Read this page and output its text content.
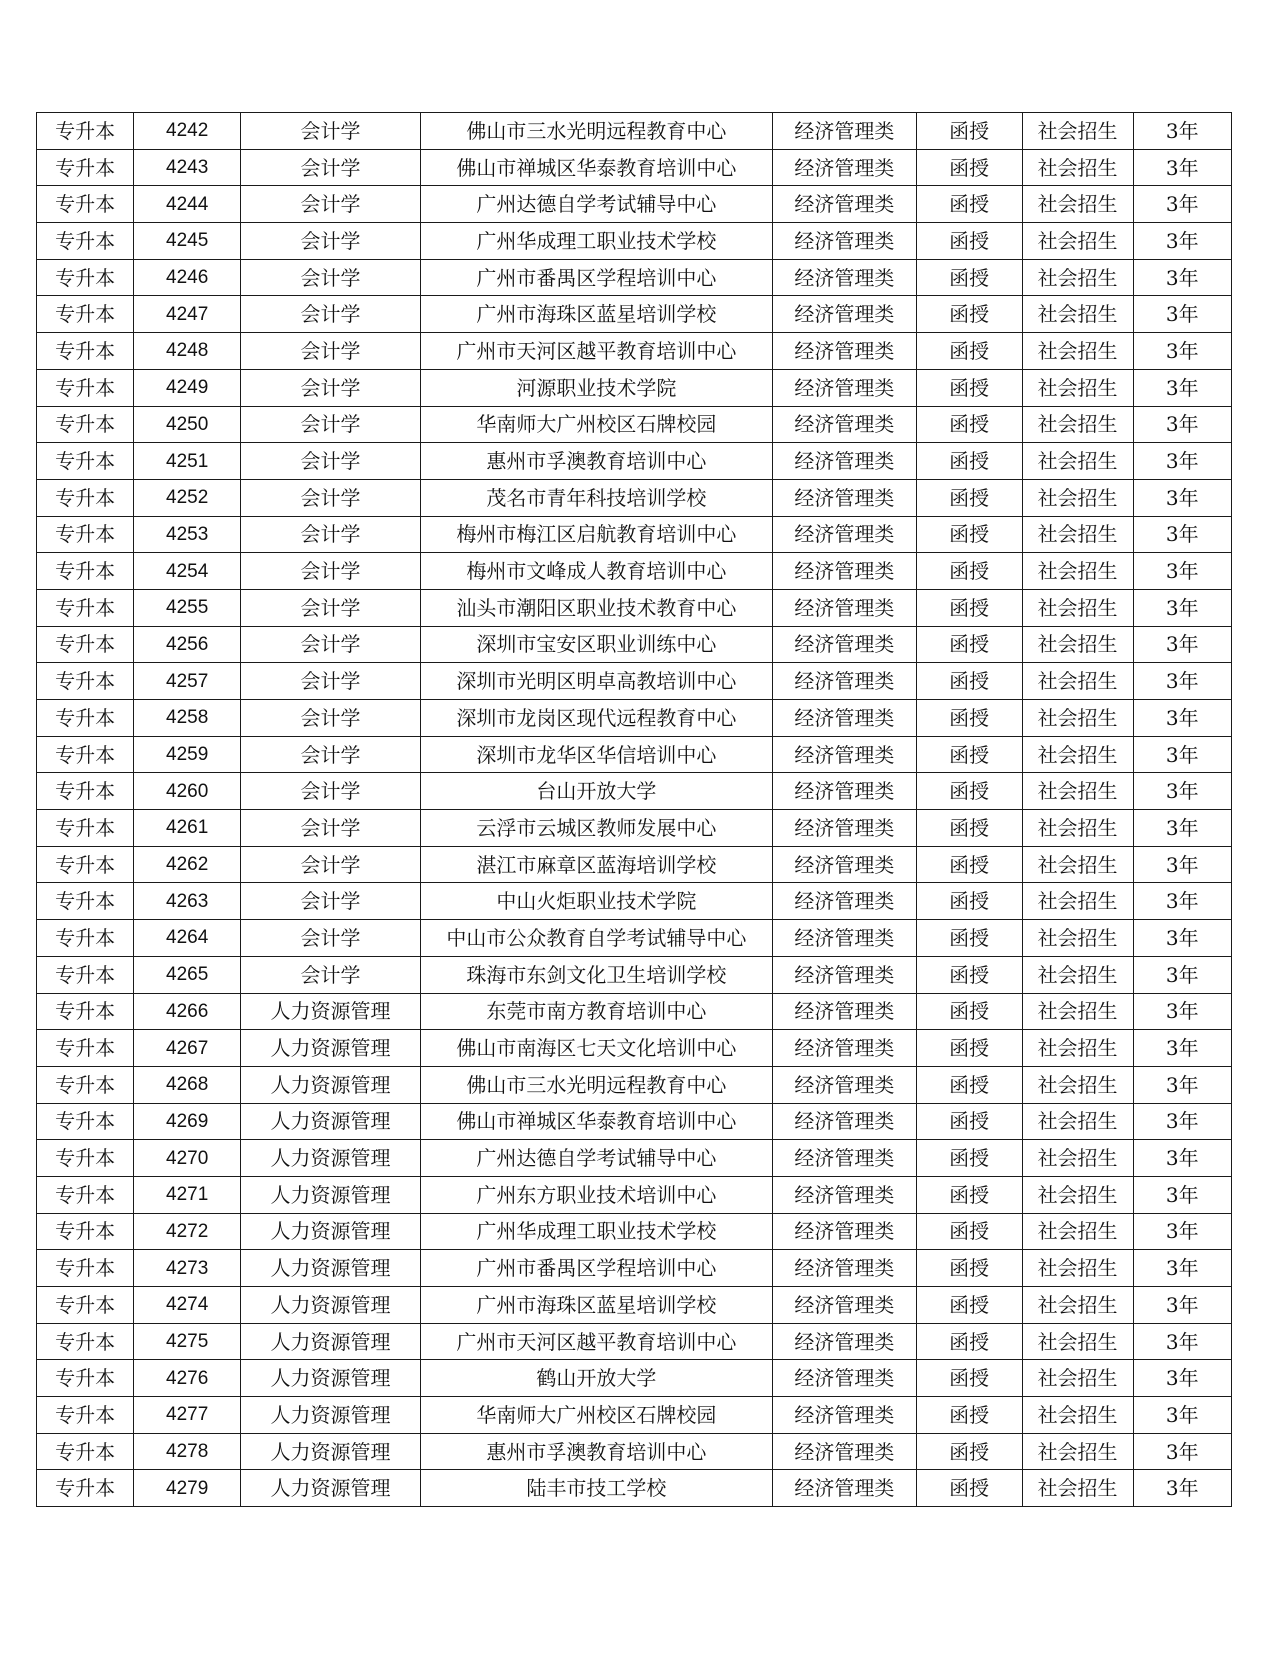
专升本	4242	会计学	佛山市三水光明远程教育中心	经济管理类	函授	社会招生	3年
专升本	4243	会计学	佛山市禅城区华泰教育培训中心	经济管理类	函授	社会招生	3年
专升本	4244	会计学	广州达德自学考试辅导中心	经济管理类	函授	社会招生	3年
专升本	4245	会计学	广州华成理工职业技术学校	经济管理类	函授	社会招生	3年
专升本	4246	会计学	广州市番禺区学程培训中心	经济管理类	函授	社会招生	3年
专升本	4247	会计学	广州市海珠区蓝星培训学校	经济管理类	函授	社会招生	3年
专升本	4248	会计学	广州市天河区越平教育培训中心	经济管理类	函授	社会招生	3年
专升本	4249	会计学	河源职业技术学院	经济管理类	函授	社会招生	3年
专升本	4250	会计学	华南师大广州校区石牌校园	经济管理类	函授	社会招生	3年
专升本	4251	会计学	惠州市孚澳教育培训中心	经济管理类	函授	社会招生	3年
专升本	4252	会计学	茂名市青年科技培训学校	经济管理类	函授	社会招生	3年
专升本	4253	会计学	梅州市梅江区启航教育培训中心	经济管理类	函授	社会招生	3年
专升本	4254	会计学	梅州市文峰成人教育培训中心	经济管理类	函授	社会招生	3年
专升本	4255	会计学	汕头市潮阳区职业技术教育中心	经济管理类	函授	社会招生	3年
专升本	4256	会计学	深圳市宝安区职业训练中心	经济管理类	函授	社会招生	3年
专升本	4257	会计学	深圳市光明区明卓高教培训中心	经济管理类	函授	社会招生	3年
专升本	4258	会计学	深圳市龙岗区现代远程教育中心	经济管理类	函授	社会招生	3年
专升本	4259	会计学	深圳市龙华区华信培训中心	经济管理类	函授	社会招生	3年
专升本	4260	会计学	台山开放大学	经济管理类	函授	社会招生	3年
专升本	4261	会计学	云浮市云城区教师发展中心	经济管理类	函授	社会招生	3年
专升本	4262	会计学	湛江市麻章区蓝海培训学校	经济管理类	函授	社会招生	3年
专升本	4263	会计学	中山火炬职业技术学院	经济管理类	函授	社会招生	3年
专升本	4264	会计学	中山市公众教育自学考试辅导中心	经济管理类	函授	社会招生	3年
专升本	4265	会计学	珠海市东剑文化卫生培训学校	经济管理类	函授	社会招生	3年
专升本	4266	人力资源管理	东莞市南方教育培训中心	经济管理类	函授	社会招生	3年
专升本	4267	人力资源管理	佛山市南海区七天文化培训中心	经济管理类	函授	社会招生	3年
专升本	4268	人力资源管理	佛山市三水光明远程教育中心	经济管理类	函授	社会招生	3年
专升本	4269	人力资源管理	佛山市禅城区华泰教育培训中心	经济管理类	函授	社会招生	3年
专升本	4270	人力资源管理	广州达德自学考试辅导中心	经济管理类	函授	社会招生	3年
专升本	4271	人力资源管理	广州东方职业技术培训中心	经济管理类	函授	社会招生	3年
专升本	4272	人力资源管理	广州华成理工职业技术学校	经济管理类	函授	社会招生	3年
专升本	4273	人力资源管理	广州市番禺区学程培训中心	经济管理类	函授	社会招生	3年
专升本	4274	人力资源管理	广州市海珠区蓝星培训学校	经济管理类	函授	社会招生	3年
专升本	4275	人力资源管理	广州市天河区越平教育培训中心	经济管理类	函授	社会招生	3年
专升本	4276	人力资源管理	鹤山开放大学	经济管理类	函授	社会招生	3年
专升本	4277	人力资源管理	华南师大广州校区石牌校园	经济管理类	函授	社会招生	3年
专升本	4278	人力资源管理	惠州市孚澳教育培训中心	经济管理类	函授	社会招生	3年
专升本	4279	人力资源管理	陆丰市技工学校	经济管理类	函授	社会招生	3年
